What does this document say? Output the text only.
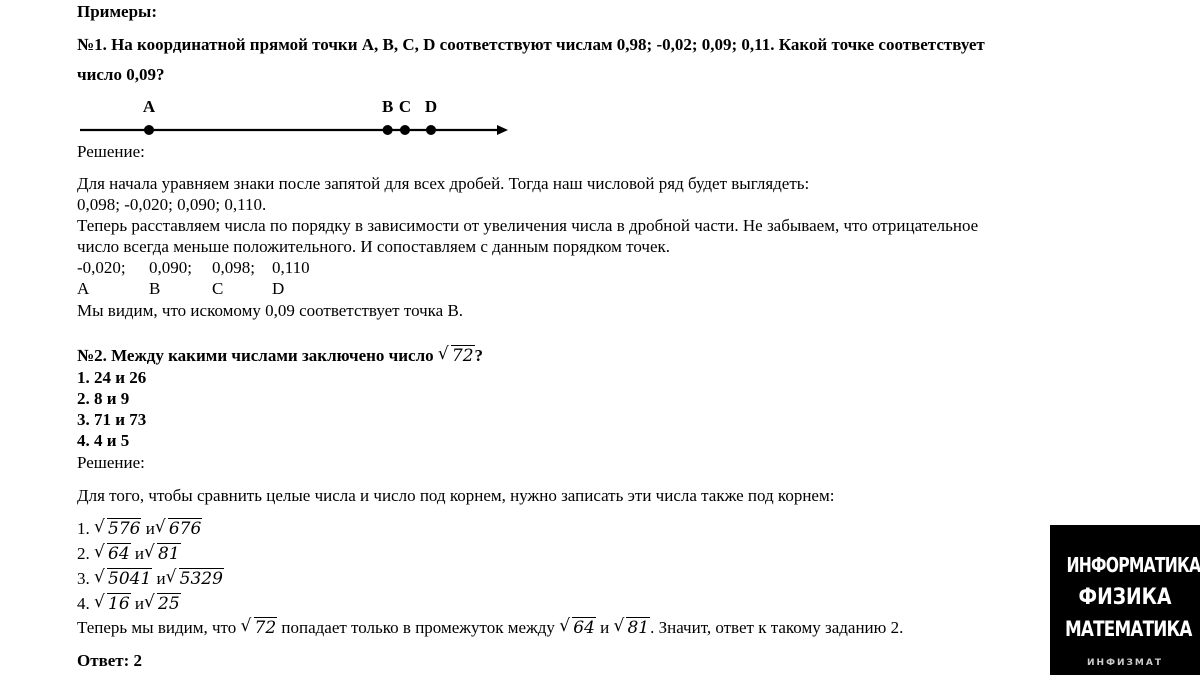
Примеры:
№1. На координатной прямой точки A, B, C, D соответствуют числам 0,98; -0,02; 0,09; 0,11. Какой точке соответствует
число 0,09?
A	B C D
Решение:
Для начала уравняем знаки после запятой для всех дробей. Тогда наш числовой ряд будет выглядеть:
0,098; -0,020; 0,090; 0,110.
Теперь расставляем числа по порядку в зависимости от увеличения числа в дробной части. Не забываем, что отрицательное
число всегда меньше положительного. И сопоставляем с данным порядком точек.
-0,020; 0,090; 0,098; 0,110
A	B	C	D
Мы видим, что искомому 0,09 соответствует точка B.
№2. Между какими числами заключено число √ 72?
1. 24 и 26
2. 8 и 9
3. 71 и 73
4. 4 и 5
Решение:
Для того, чтобы сравнить целые числа и число под корнем, нужно записать эти числа также под корнем:
1. √ 576 и √ 676
2. √ 64 и √ 81
3. √ 5041 и √ 5329
4. √ 16 и √ 25
Теперь мы видим, что √ 72 попадает только в промежуток между √ 64 и √ 81. Значит, ответ к такому заданию 2.
Ответ: 2
ИНФОРМАТИКА
ФИЗИКА
МАТЕМАТИКА
ИНФИЗМАТ
